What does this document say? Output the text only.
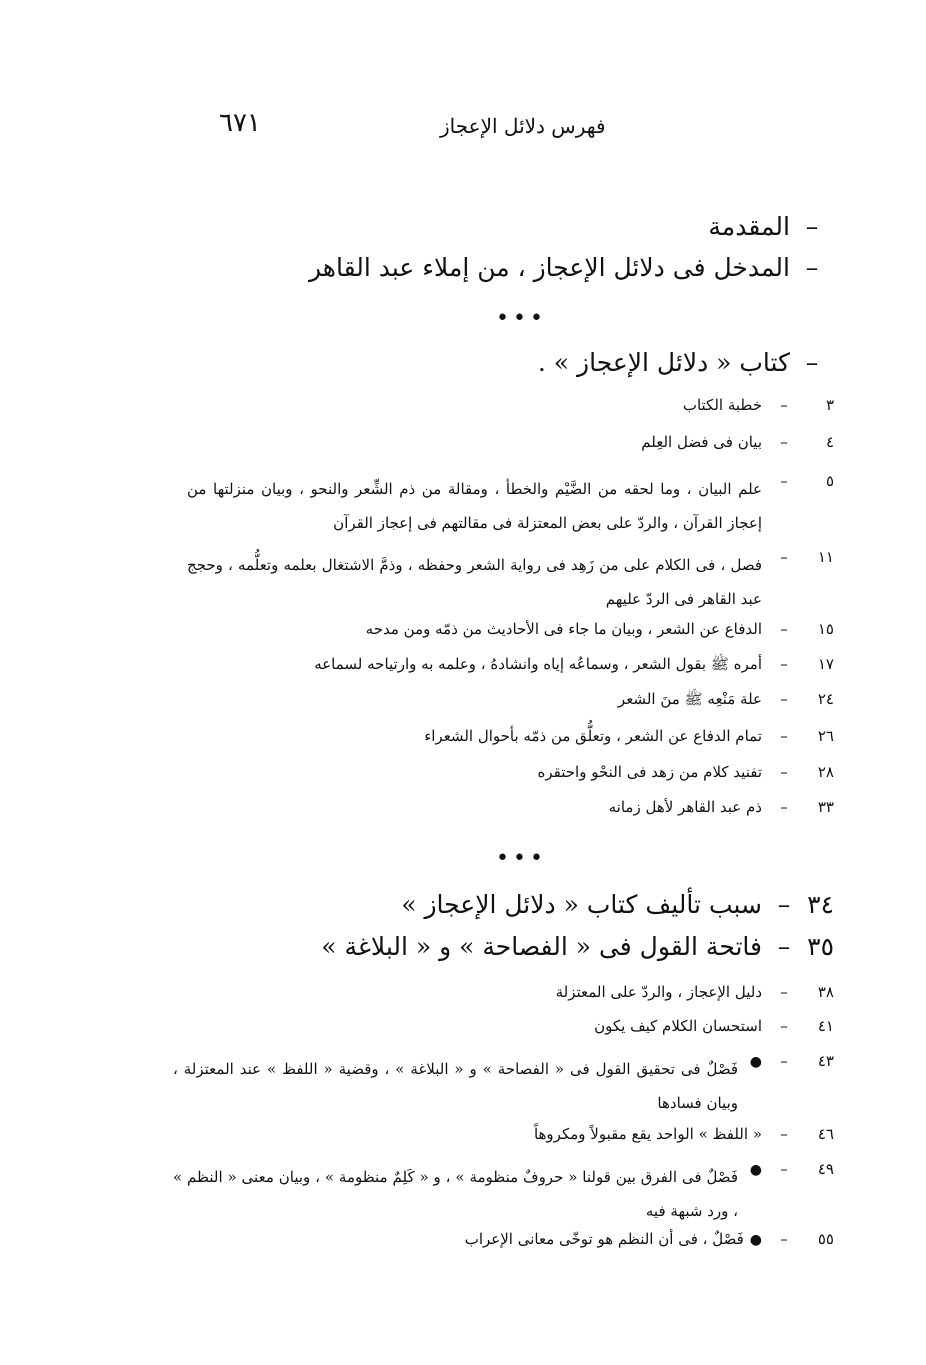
٦٧١	فهرس دلائل الإعجاز
–المقدمة
–المدخل فى دلائل الإعجاز ، من إملاء عبد القاهر
•••
–كتاب « دلائل الإعجاز » .
٣–خطبة الكتاب
٤–بيان فى فضل العِلم
٥–
علم البيان ، وما لحقه من الضَّيْم والخطأ ، ومقالة من ذم الشِّعر والنحو ، وبيان منزلتها من إعجاز القرآن ، والردّ على بعض المعتزلة فى مقالتهم فى إعجاز القرآن
١١–
فصل ، فى الكلام على من زَهِد فى رواية الشعر وحفظه ، وذمَّ الاشتغال بعلمه وتعلُّمه ، وحجج عبد القاهر فى الردّ عليهم
١٥–الدفاع عن الشعر ، وبيان ما جاء فى الأحاديث من ذمّه ومن مدحه
١٧–أمره ﷺ بقول الشعر ، وسماعُه إياه وانشادهُ ، وعلمه به وارتياحه لسماعه
٢٤–علة مَنْعِه ﷺ منَ الشعر
٢٦–تمام الدفاع عن الشعر ، وتعلُّق من ذمّه بأحوال الشعراء
٢٨–تفنيد كلام من زهد فى النحْو واحتقره
٣٣–ذم عبد القاهر لأهل زمانه
•••
٣٤–سبب تأليف كتاب « دلائل الإعجاز »
٣٥–فاتحة القول فى « الفصاحة » و « البلاغة »
٣٨–دليل الإعجاز ، والردّ على المعتزلة
٤١–استحسان الكلام كيف يكون
٤٣–●
فَصْلٌ فى تحقيق القول فى « الفصاحة » و « البلاغة » ، وقضية « اللفظ » عند المعتزلة ، وبيان فسادها
٤٦–« اللفظ » الواحد يقع مقبولاً ومكروهاً
٤٩–●
فَصْلٌ فى الفرق بين قولنا « حروفٌ منظومة » ، و « كَلِمٌ منظومة » ، وبيان معنى « النظم » ، ورد شبهة فيه
٥٥–●فَصْلٌ ، فى أن النظم هو توخّى معانى الإعراب
